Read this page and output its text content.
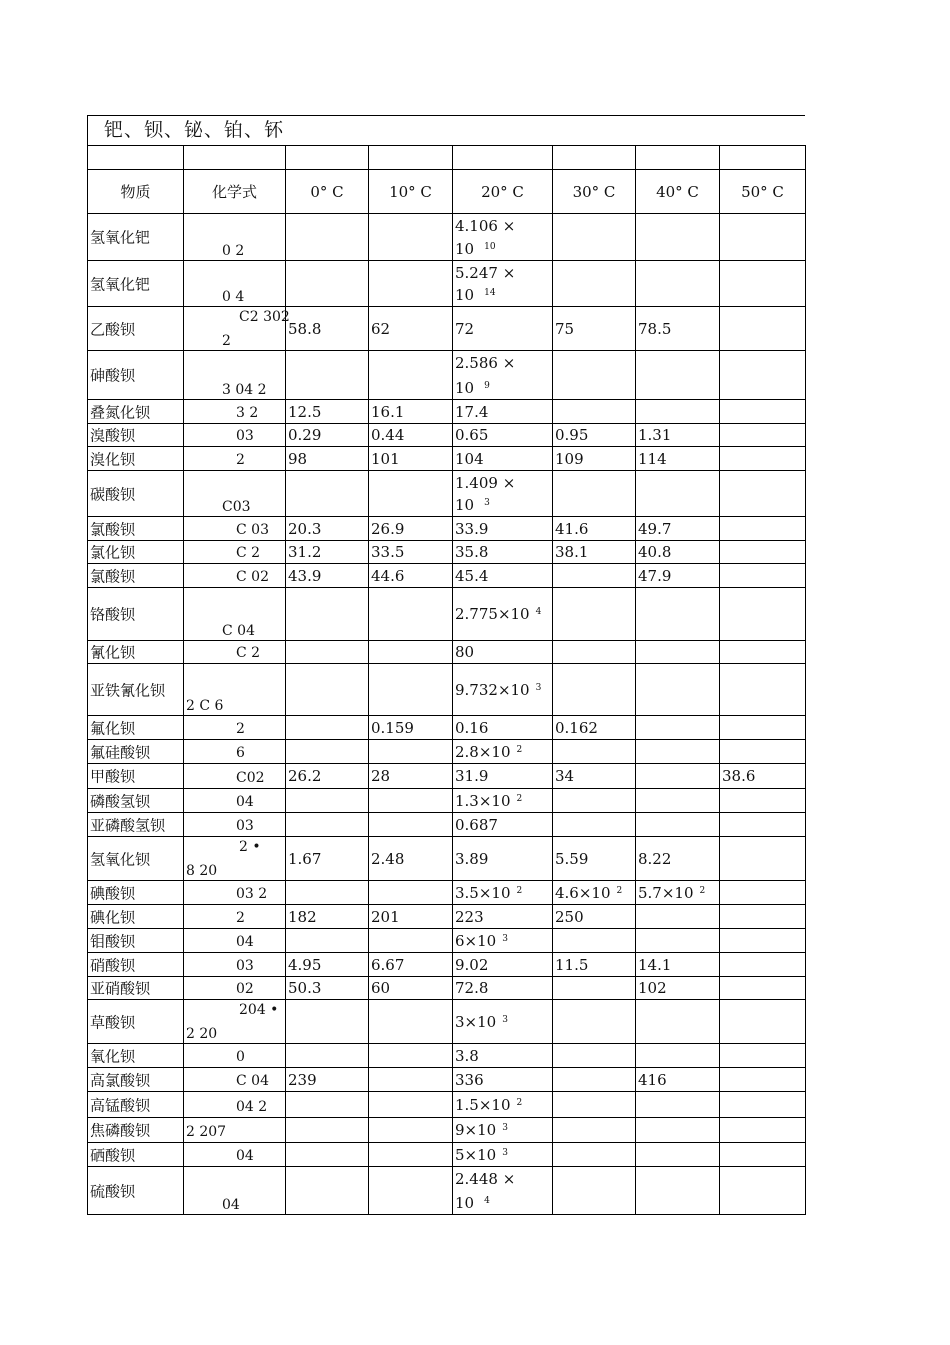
钯、钡、铋、铂、钚

物质	化学式	0° C	10° C	20° C	30° C	40° C	50° C

氢氧化钯	0 2			4.106 ×
10 $^{10}$

氢氧化钯	0 4			5.247 ×
10 $^{14}$

乙酸钡	C2 302
2	58.8	62	72	75	78.5	

砷酸钡	3 04 2			2.586 ×
10 $^9$

叠氮化钡	3 2	12.5	16.1	17.4			

溴酸钡	03	0.29	0.44	0.65	0.95	1.31	

溴化钡	2	98	101	104	109	114	

碳酸钡	C03			1.409 ×
10 $^3$

氯酸钡	C 03	20.3	26.9	33.9	41.6	49.7	

氯化钡	C 2	31.2	33.5	35.8	38.1	40.8	

氯酸钡	C 02	43.9	44.6	45.4		47.9	

铬酸钡	C 04			2.775×10 $^4$

氰化钡	C 2			80			

亚铁氰化钡	2 C 6			9.732×10 $^3$

氟化钡	2		0.159	0.16	0.162		

氟硅酸钡	6			2.8×10 $^2$

甲酸钡	C02	26.2	28	31.9	34		38.6

磷酸氢钡	04			1.3×10 $^2$

亚磷酸氢钡	03			0.687			

氢氧化钡	2 •
8 20	1.67	2.48	3.89	5.59	8.22	

碘酸钡	03 2			3.5×10 $^2$	4.6×10 $^2$	5.7×10 $^2$

碘化钡	2	182	201	223	250		

钼酸钡	04			6×10 $^3$

硝酸钡	03	4.95	6.67	9.02	11.5	14.1	

亚硝酸钡	02	50.3	60	72.8		102	

草酸钡	204 •
2 20			3×10 $^3$

氧化钡	0			3.8			

高氯酸钡	C 04	239		336		416	

高锰酸钡	04 2			1.5×10 $^2$

焦磷酸钡	2 207			9×10 $^3$

硒酸钡	04			5×10 $^3$

硫酸钡	04			2.448 ×
10 $^4$
